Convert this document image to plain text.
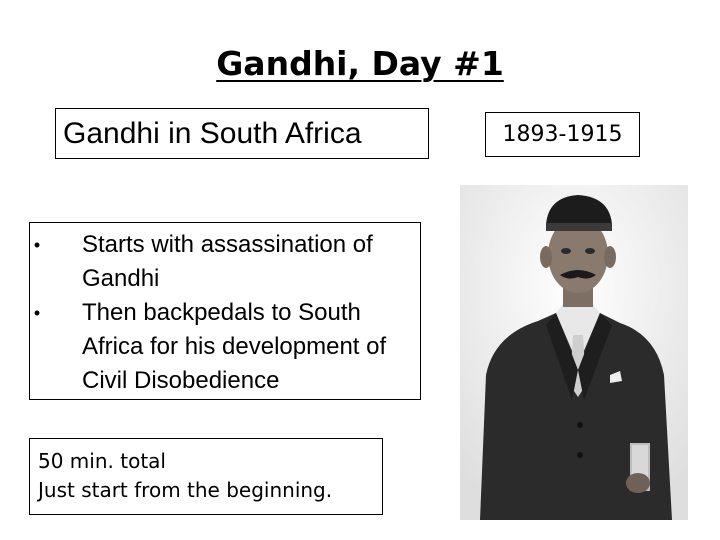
Gandhi, Day #1
Gandhi in South Africa	1893-1915
• Starts with assassination of Gandhi
• Then backpedals to South Africa for his development of Civil Disobedience
50 min. total
Just start from the beginning.
